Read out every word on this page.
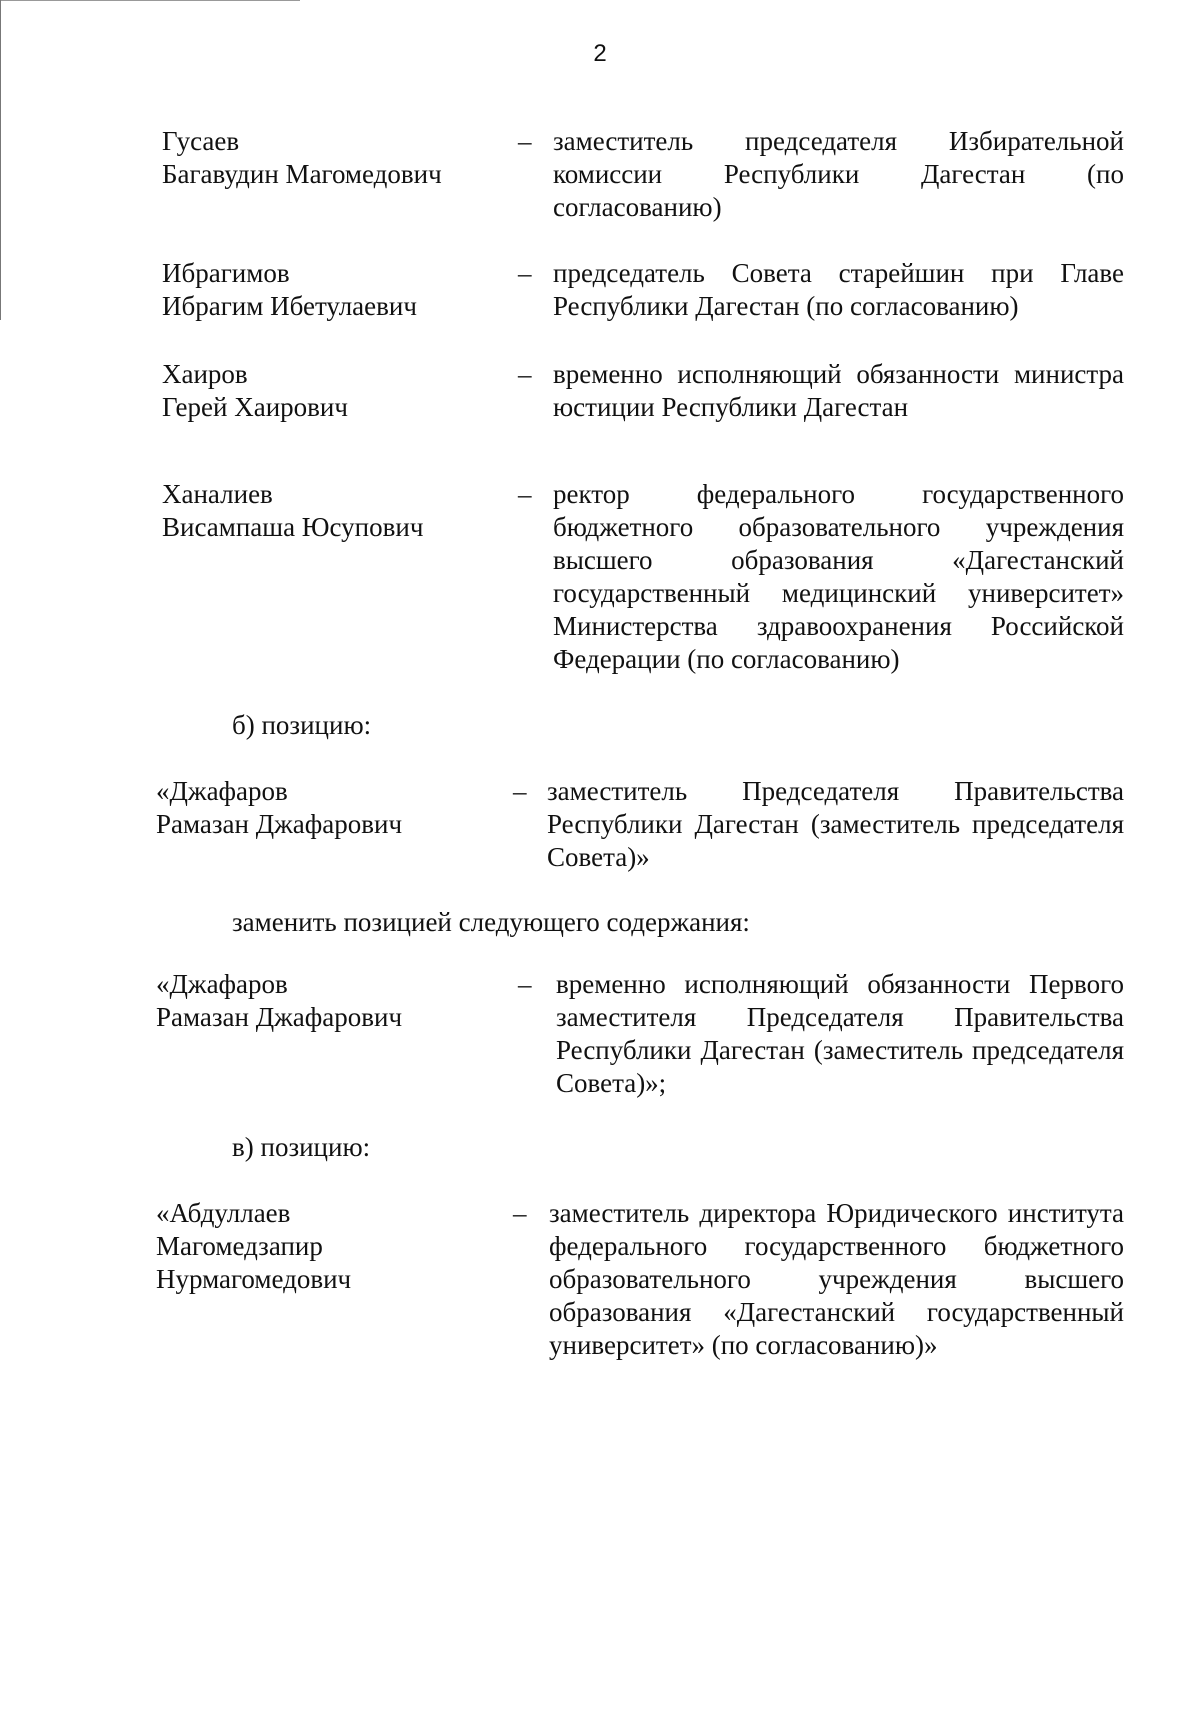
2
Гусаев
Багавудин Магомедович
– заместитель председателя Избирательной комиссии Республики Дагестан (по согласованию)
Ибрагимов
Ибрагим Ибетулаевич
– председатель Совета старейшин при Главе Республики Дагестан (по согласованию)
Хаиров
Герей Хаирович
– временно исполняющий обязанности министра юстиции Республики Дагестан
Ханалиев
Висампаша Юсупович
– ректор федерального государственного бюджетного образовательного учреждения высшего образования «Дагестанский государственный медицинский университет» Министерства здравоохранения Российской Федерации (по согласованию)
б) позицию:
«Джафаров
Рамазан Джафарович
– заместитель Председателя Правительства Республики Дагестан (заместитель председателя Совета)»
заменить позицией следующего содержания:
«Джафаров
Рамазан Джафарович
– временно исполняющий обязанности Первого заместителя Председателя Правительства Республики Дагестан (заместитель председателя Совета)»;
в) позицию:
«Абдуллаев
Магомедзапир
Нурмагомедович
– заместитель директора Юридического института федерального государственного бюджетного образовательного учреждения высшего образования «Дагестанский государственный университет» (по согласованию)»
